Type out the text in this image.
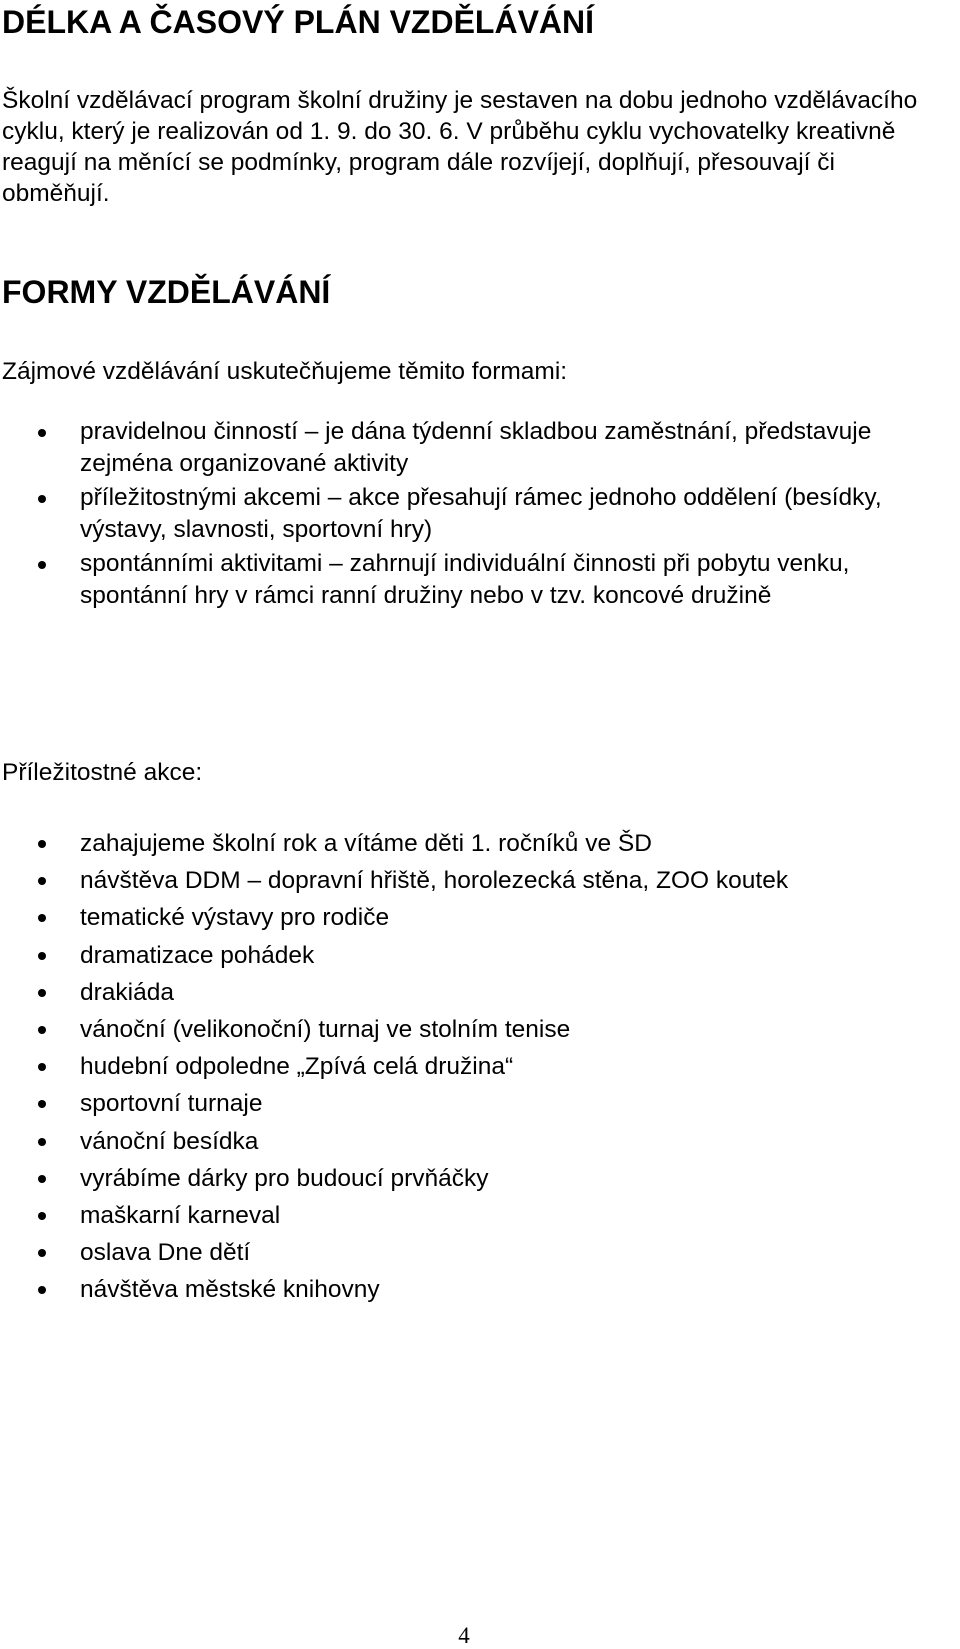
DÉLKA A ČASOVÝ PLÁN VZDĚLÁVÁNÍ

Školní vzdělávací program školní družiny je sestaven na dobu jednoho vzdělávacího cyklu, který je realizován od 1. 9. do 30. 6. V průběhu cyklu vychovatelky kreativně reagují na měnící se podmínky, program dále rozvíjejí, doplňují, přesouvají či obměňují.

FORMY VZDĚLÁVÁNÍ

Zájmové vzdělávání uskutečňujeme těmito formami:

pravidelnou činností – je dána týdenní skladbou zaměstnání, představuje zejména organizované aktivity
příležitostnými akcemi – akce přesahují rámec jednoho oddělení (besídky, výstavy, slavnosti, sportovní hry)
spontánními aktivitami – zahrnují individuální činnosti při pobytu venku, spontánní hry v rámci ranní družiny nebo v tzv. koncové družině

Příležitostné akce:

zahajujeme školní rok a vítáme děti 1. ročníků ve ŠD
návštěva DDM – dopravní hřiště, horolezecká stěna, ZOO koutek
tematické výstavy pro rodiče
dramatizace pohádek
drakiáda
vánoční (velikonoční) turnaj ve stolním tenise
hudební odpoledne „Zpívá celá družina“
sportovní turnaje
vánoční besídka
vyrábíme dárky pro budoucí prvňáčky
maškarní karneval
oslava Dne dětí
návštěva městské knihovny
4
